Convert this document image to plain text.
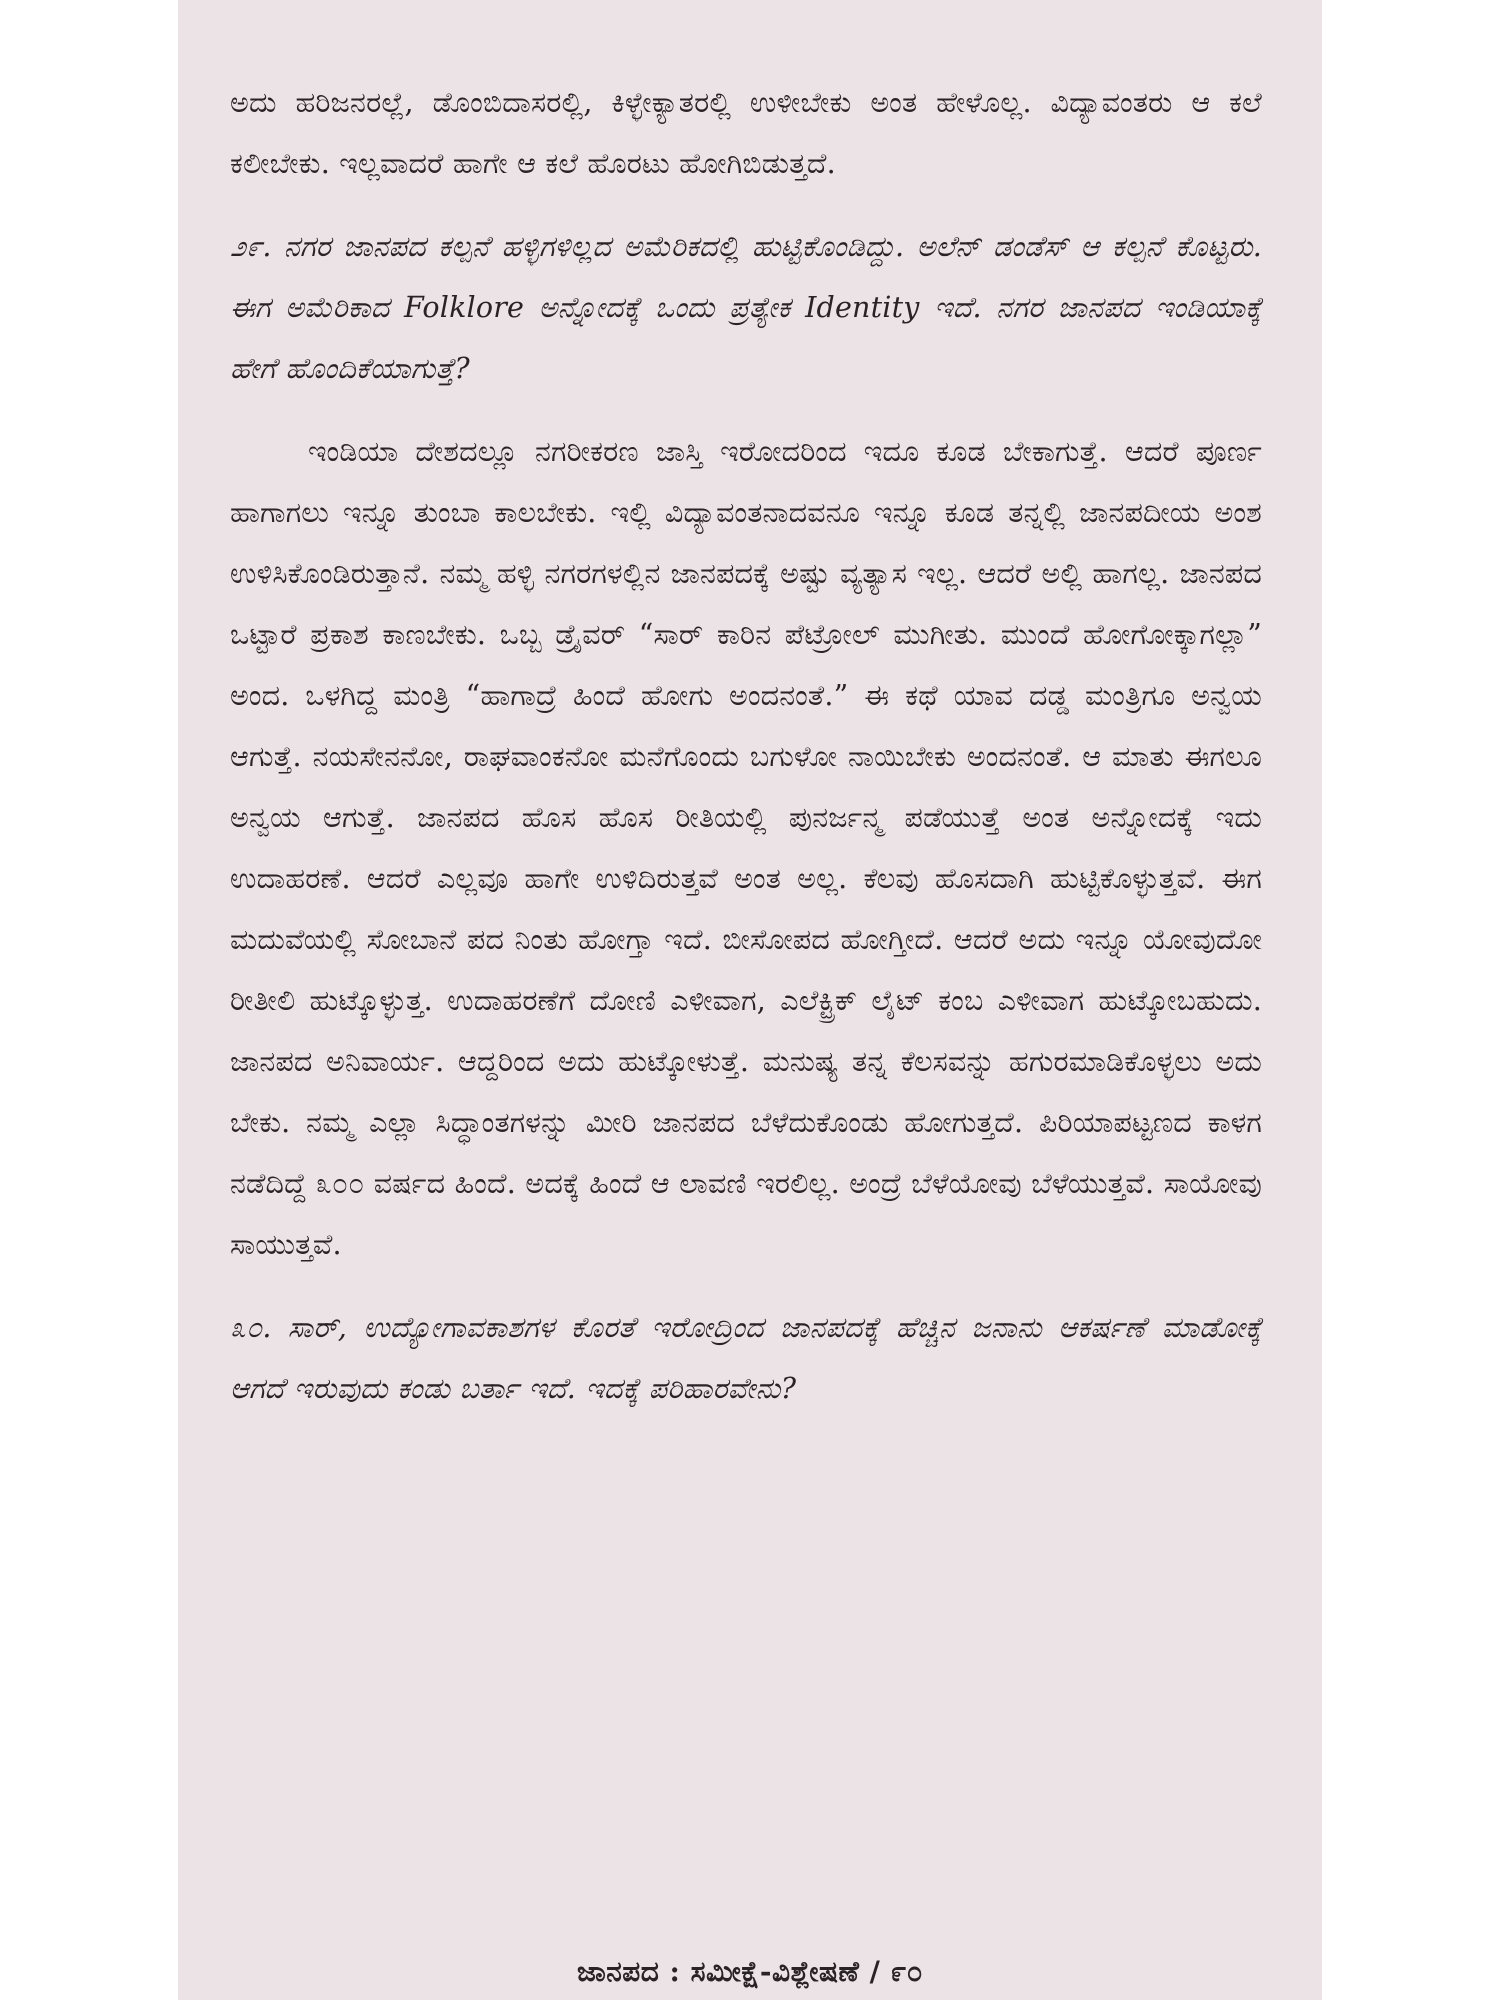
ಅದು ಹರಿಜನರಲ್ಲೆ, ಡೊಂಬಿದಾಸರಲ್ಲಿ, ಕಿಳ್ಳೇಕ್ಯಾತರಲ್ಲಿ ಉಳೀಬೇಕು ಅಂತ ಹೇಳೊಲ್ಲ. ವಿದ್ಯಾವಂತರು ಆ ಕಲೆ ಕಲೀಬೇಕು. ಇಲ್ಲವಾದರೆ ಹಾಗೇ ಆ ಕಲೆ ಹೊರಟು ಹೋಗಿಬಿಡುತ್ತದೆ.

೨೯. ನಗರ ಜಾನಪದ ಕಲ್ಪನೆ ಹಳ್ಳಿಗಳಿಲ್ಲದ ಅಮೆರಿಕದಲ್ಲಿ ಹುಟ್ಟಿಕೊಂಡಿದ್ದು. ಅಲೆನ್ ಡಂಡೆಸ್ ಆ ಕಲ್ಪನೆ ಕೊಟ್ಟರು. ಈಗ ಅಮೆರಿಕಾದ Folklore ಅನ್ನೋದಕ್ಕೆ ಒಂದು ಪ್ರತ್ಯೇಕ Identity ಇದೆ. ನಗರ ಜಾನಪದ ಇಂಡಿಯಾಕ್ಕೆ ಹೇಗೆ ಹೊಂದಿಕೆಯಾಗುತ್ತೆ?

ಇಂಡಿಯಾ ದೇಶದಲ್ಲೂ ನಗರೀಕರಣ ಜಾಸ್ತಿ ಇರೋದರಿಂದ ಇದೂ ಕೂಡ ಬೇಕಾಗುತ್ತೆ. ಆದರೆ ಪೂರ್ಣ ಹಾಗಾಗಲು ಇನ್ನೂ ತುಂಬಾ ಕಾಲಬೇಕು. ಇಲ್ಲಿ ವಿದ್ಯಾವಂತನಾದವನೂ ಇನ್ನೂ ಕೂಡ ತನ್ನಲ್ಲಿ ಜಾನಪದೀಯ ಅಂಶ ಉಳಿಸಿಕೊಂಡಿರುತ್ತಾನೆ. ನಮ್ಮ ಹಳ್ಳಿ ನಗರಗಳಲ್ಲಿನ ಜಾನಪದಕ್ಕೆ ಅಷ್ಟು ವ್ಯತ್ಯಾಸ ಇಲ್ಲ. ಆದರೆ ಅಲ್ಲಿ ಹಾಗಲ್ಲ. ಜಾನಪದ ಒಟ್ಟಾರೆ ಪ್ರಕಾಶ ಕಾಣಬೇಕು. ಒಬ್ಬ ಡ್ರೈವರ್ “ಸಾರ್ ಕಾರಿನ ಪೆಟ್ರೋಲ್ ಮುಗೀತು. ಮುಂದೆ ಹೋಗೋಕ್ಕಾಗಲ್ಲಾ” ಅಂದ. ಒಳಗಿದ್ದ ಮಂತ್ರಿ “ಹಾಗಾದ್ರೆ ಹಿಂದೆ ಹೋಗು ಅಂದನಂತೆ.” ಈ ಕಥೆ ಯಾವ ದಡ್ಡ ಮಂತ್ರಿಗೂ ಅನ್ವಯ ಆಗುತ್ತೆ. ನಯಸೇನನೋ, ರಾಘವಾಂಕನೋ ಮನೆಗೊಂದು ಬಗುಳೋ ನಾಯಿಬೇಕು ಅಂದನಂತೆ. ಆ ಮಾತು ಈಗಲೂ ಅನ್ವಯ ಆಗುತ್ತೆ. ಜಾನಪದ ಹೊಸ ಹೊಸ ರೀತಿಯಲ್ಲಿ ಪುನರ್ಜನ್ಮ ಪಡೆಯುತ್ತೆ ಅಂತ ಅನ್ನೋದಕ್ಕೆ ಇದು ಉದಾಹರಣೆ. ಆದರೆ ಎಲ್ಲವೂ ಹಾಗೇ ಉಳಿದಿರುತ್ತವೆ ಅಂತ ಅಲ್ಲ. ಕೆಲವು ಹೊಸದಾಗಿ ಹುಟ್ಟಿಕೊಳ್ಳುತ್ತವೆ. ಈಗ ಮದುವೆಯಲ್ಲಿ ಸೋಬಾನೆ ಪದ ನಿಂತು ಹೋಗ್ತಾ ಇದೆ. ಬೀಸೋಪದ ಹೋಗ್ತೀದೆ. ಆದರೆ ಅದು ಇನ್ನೂ ಯೋವುದೋ ರೀತೀಲಿ ಹುಟ್ಕೊಳ್ಳುತ್ತ. ಉದಾಹರಣೆಗೆ ದೋಣಿ ಎಳೀವಾಗ, ಎಲೆಕ್ಟ್ರಿಕ್ ಲೈಟ್ ಕಂಬ ಎಳೀವಾಗ ಹುಟ್ಕೋಬಹುದು. ಜಾನಪದ ಅನಿವಾರ್ಯ. ಆದ್ದರಿಂದ ಅದು ಹುಟ್ಕೋಳುತ್ತೆ. ಮನುಷ್ಯ ತನ್ನ ಕೆಲಸವನ್ನು ಹಗುರಮಾಡಿಕೊಳ್ಳಲು ಅದು ಬೇಕು. ನಮ್ಮ ಎಲ್ಲಾ ಸಿದ್ಧಾಂತಗಳನ್ನು ಮೀರಿ ಜಾನಪದ ಬೆಳೆದುಕೊಂಡು ಹೋಗುತ್ತದೆ. ಪಿರಿಯಾಪಟ್ಟಣದ ಕಾಳಗ ನಡೆದಿದ್ದೆ ೩೦೦ ವರ್ಷದ ಹಿಂದೆ. ಅದಕ್ಕೆ ಹಿಂದೆ ಆ ಲಾವಣಿ ಇರಲಿಲ್ಲ. ಅಂದ್ರೆ ಬೆಳೆಯೋವು ಬೆಳೆಯುತ್ತವೆ. ಸಾಯೋವು ಸಾಯುತ್ತವೆ.

೩೦. ಸಾರ್, ಉದ್ಯೋಗಾವಕಾಶಗಳ ಕೊರತೆ ಇರೋದ್ರಿಂದ ಜಾನಪದಕ್ಕೆ ಹೆಚ್ಚಿನ ಜನಾನು ಆಕರ್ಷಣೆ ಮಾಡೋಕ್ಕೆ ಆಗದೆ ಇರುವುದು ಕಂಡು ಬರ್ತಾ ಇದೆ. ಇದಕ್ಕೆ ಪರಿಹಾರವೇನು?

ಜಾನಪದ : ಸಮೀಕ್ಷೆ-ವಿಶ್ಲೇಷಣೆ / ೯೦
